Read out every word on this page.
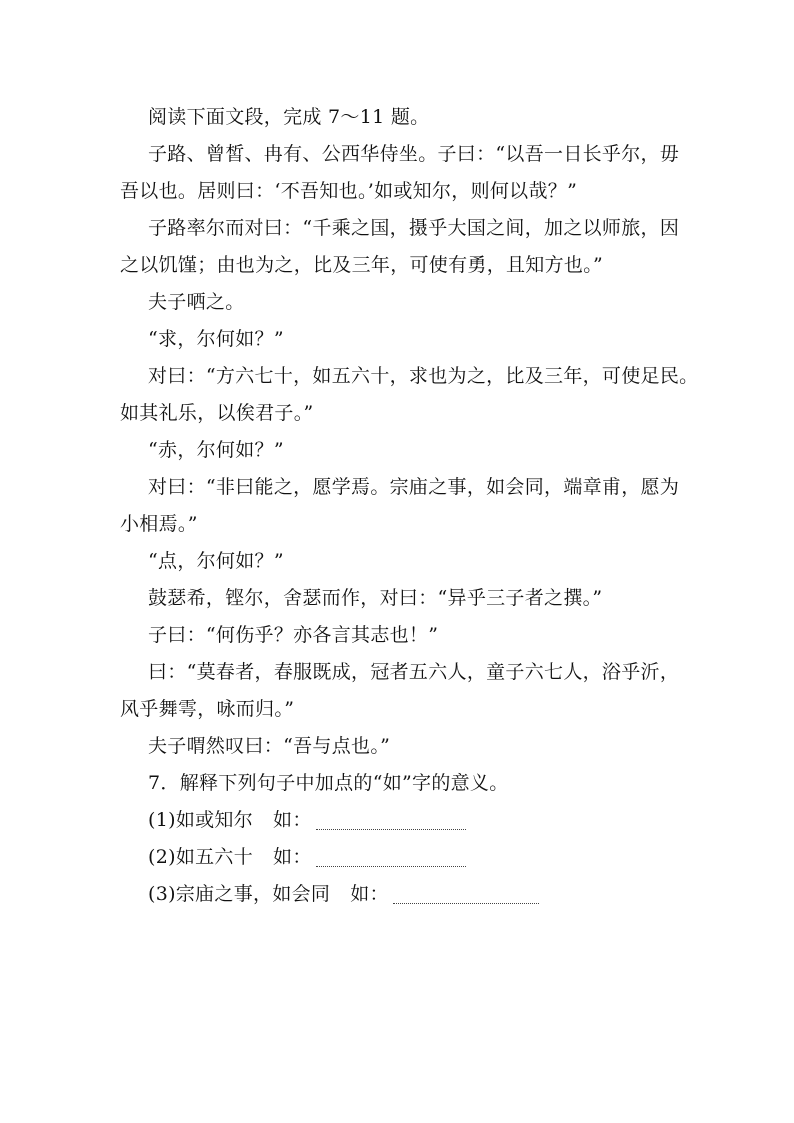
阅读下面文段，完成 7～11 题。
子路、曾皙、冉有、公西华侍坐。子曰：“以吾一日长乎尔，毋
吾以也。居则曰：‘不吾知也。’如或知尔，则何以哉？”
子路率尔而对曰：“千乘之国，摄乎大国之间，加之以师旅，因
之以饥馑；由也为之，比及三年，可使有勇，且知方也。”
夫子哂之。
“求，尔何如？”
对曰：“方六七十，如五六十，求也为之，比及三年，可使足民。
如其礼乐，以俟君子。”
“赤，尔何如？”
对曰：“非曰能之，愿学焉。宗庙之事，如会同，端章甫，愿为
小相焉。”
“点，尔何如？”
鼓瑟希，铿尔，舍瑟而作，对曰：“异乎三子者之撰。”
子曰：“何伤乎？亦各言其志也！”
曰：“莫春者，春服既成，冠者五六人，童子六七人，浴乎沂，
风乎舞雩，咏而归。”
夫子喟然叹曰：“吾与点也。”
7．解释下列句子中加点的“如”字的意义。
(1)如或知尔 如：
(2)如五六十 如：
(3)宗庙之事，如会同 如：
